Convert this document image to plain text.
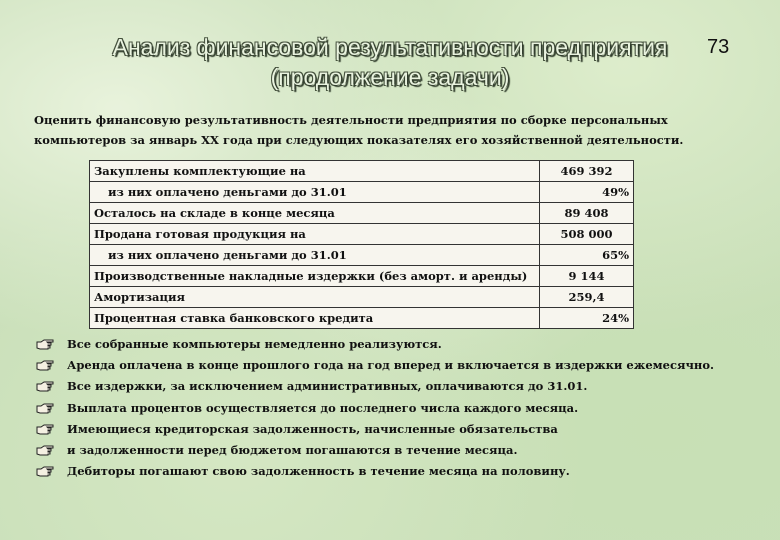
Анализ финансовой результативности предприятия
(продолжение задачи)
73
Оценить финансовую результативность деятельности предприятия по сборке персональных
компьютеров за январь ХХ года при следующих показателях его хозяйственной деятельности.
Закуплены комплектующие на	469 392
из них оплачено деньгами до 31.01	49%
Осталось на складе в конце месяца	89 408
Продана готовая продукция на	508 000
из них оплачено деньгами до 31.01	65%
Производственные накладные издержки (без аморт. и аренды)	9 144
Амортизация	259,4
Процентная ставка банковского кредита	24%
Все собранные компьютеры немедленно реализуются.
Аренда оплачена в конце прошлого года на год вперед и включается в издержки ежемесячно.
Все издержки, за исключением административных, оплачиваются до 31.01.
Выплата процентов осуществляется до последнего числа каждого месяца.
Имеющиеся кредиторская задолженность, начисленные обязательства
и задолженности перед бюджетом погашаются в течение месяца.
Дебиторы погашают свою задолженность в течение месяца на половину.
